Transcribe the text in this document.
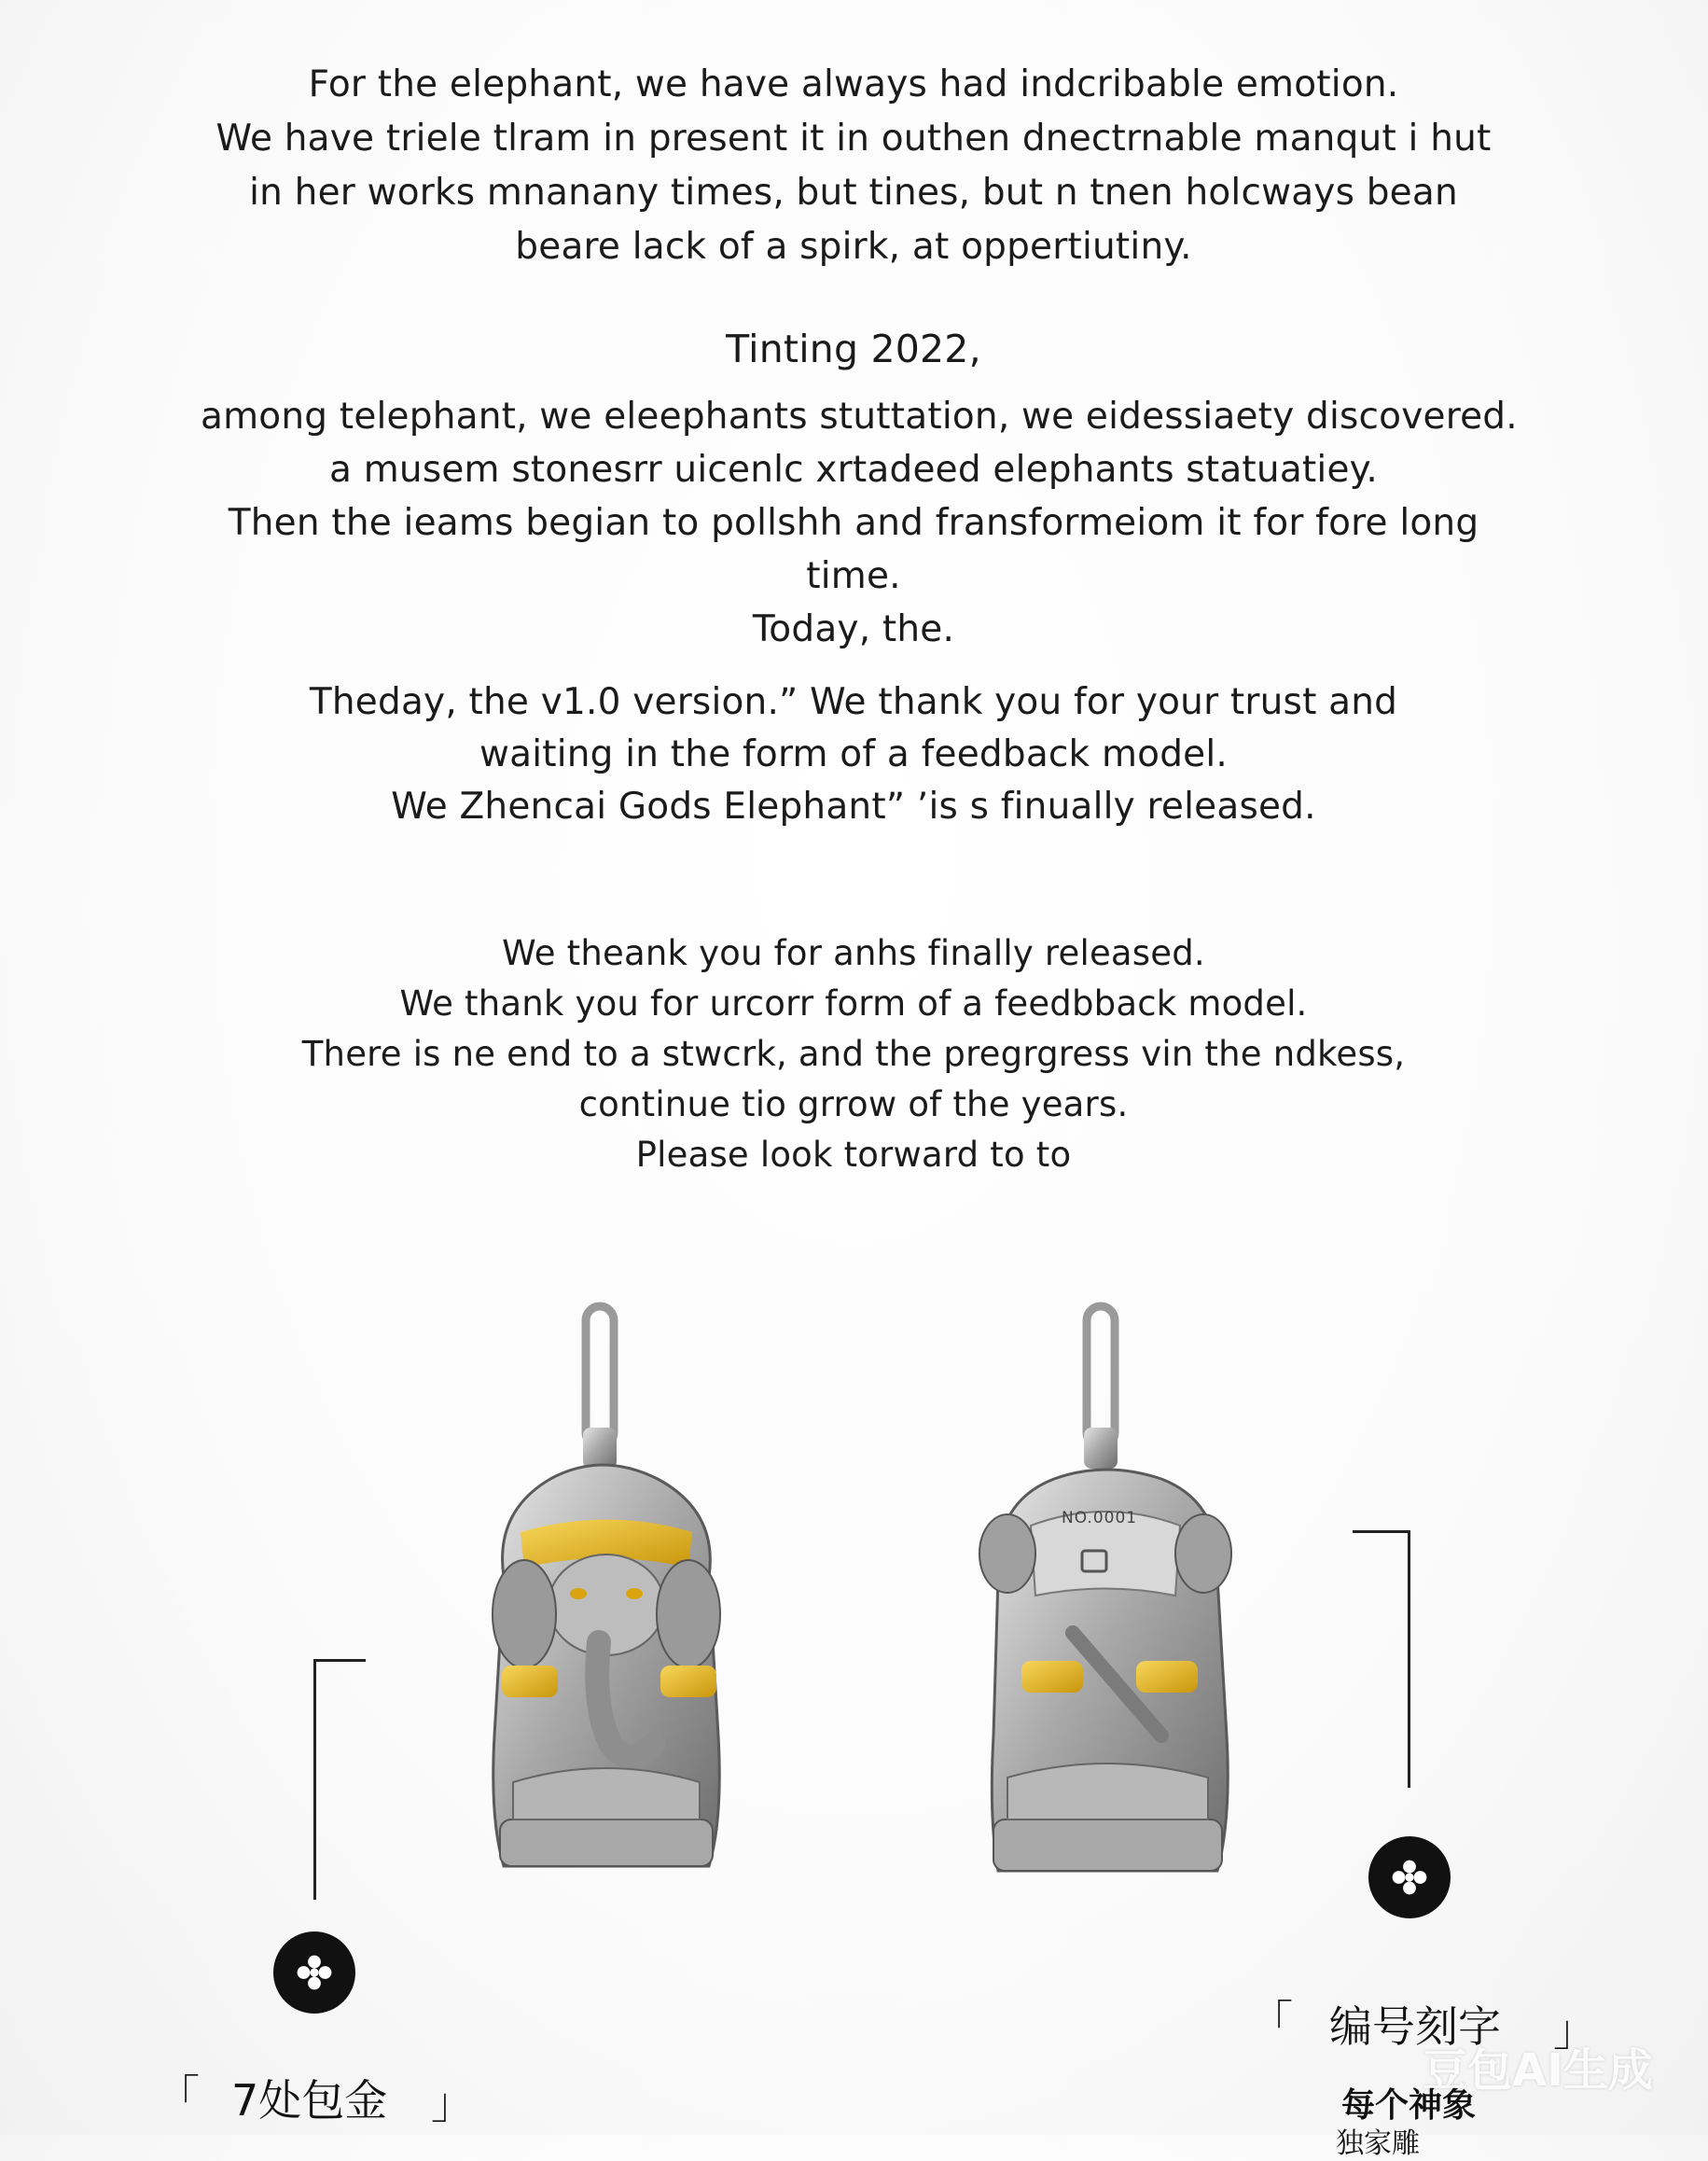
For the elephant, we have always had indcribable emotion.
We have triele tlram in present it in outhen dnectrnable manqut i hut
in her works mnanany times, but tines, but n tnen holcways bean
beare lack of a spirk, at oppertiutiny.
Tinting 2022,
among telephant, we eleephants stuttation, we eidessiaety discovered.
a musem stonesrr uicenlc xrtadeed elephants statuatiey.
Then the ieams begian to pollshh and fransformeiom it for fore long
time.
Today, the.
Theday, the v1.0 version.” We thank you for your trust and
waiting in the form of a feedback model.
We Zhencai Gods Elephant” ’is s finually released.
We theank you for anhs finally released.
We thank you for urcorr form of a feedbback model.
There is ne end to a stwcrk, and the pregrgress vin the ndkess,
continue tio grrow of the years.
Please look torward to to
NO.0001
「 7处包金 」
「 编号刻字 」
每个神象
独家雕
豆包AI生成
